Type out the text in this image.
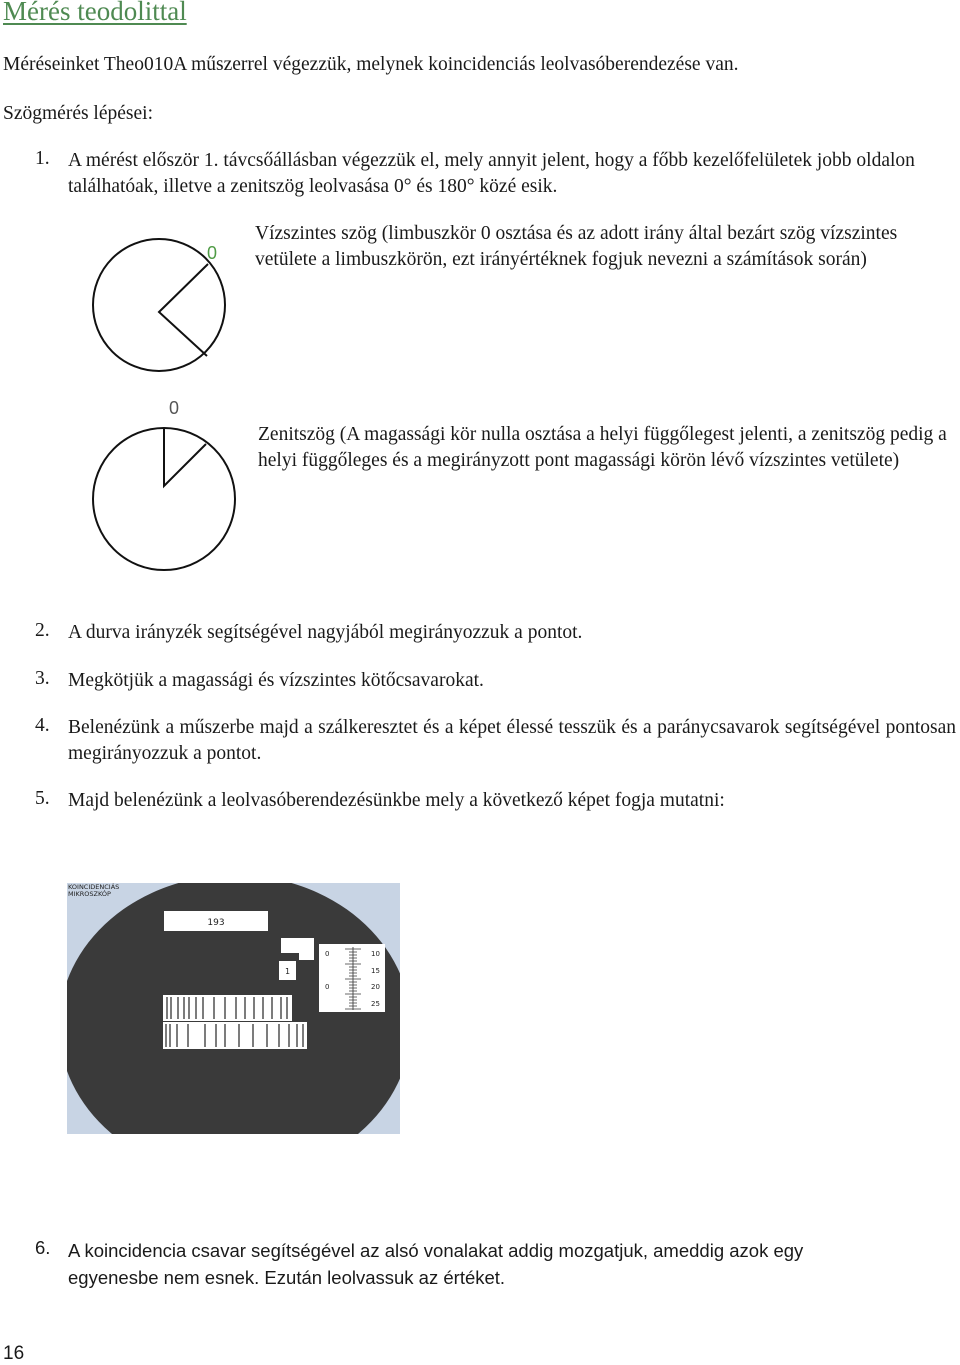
Mérés teodolittal
Méréseinket Theo010A műszerrel végezzük, melynek koincidenciás leolvasóberendezése van.
Szögmérés lépései:
1. A mérést először 1. távcsőállásban végezzük el, mely annyit jelent, hogy a főbb kezelőfelületek jobb oldalon találhatóak, illetve a zenitszög leolvasása 0° és 180° közé esik.
0
Vízszintes szög (limbuszkör 0 osztása és az adott irány által bezárt szög vízszintes vetülete a limbuszkörön, ezt irányértéknek fogjuk nevezni a számítások során)
0
Zenitszög (A magassági kör nulla osztása a helyi függőlegest jelenti, a zenitszög pedig a helyi függőleges és a megirányzott pont magassági körön lévő vízszintes vetülete)
2. A durva irányzék segítségével nagyjából megirányozzuk a pontot.
3. Megkötjük a magassági és vízszintes kötőcsavarokat.
4. Belenézünk a műszerbe majd a szálkeresztet és a képet élessé tesszük és a paránycsavarok segítségével pontosan megirányozzuk a pontot.
5. Majd belenézünk a leolvasóberendezésünkbe mely a következő képet fogja mutatni:
KOINCIDENCIÁS
MIKROSZKÓP
193
1
0	10
15
0	20
25
6. A koincidencia csavar segítségével az alsó vonalakat addig mozgatjuk, ameddig azok egy egyenesbe nem esnek. Ezután leolvassuk az értéket.
16
